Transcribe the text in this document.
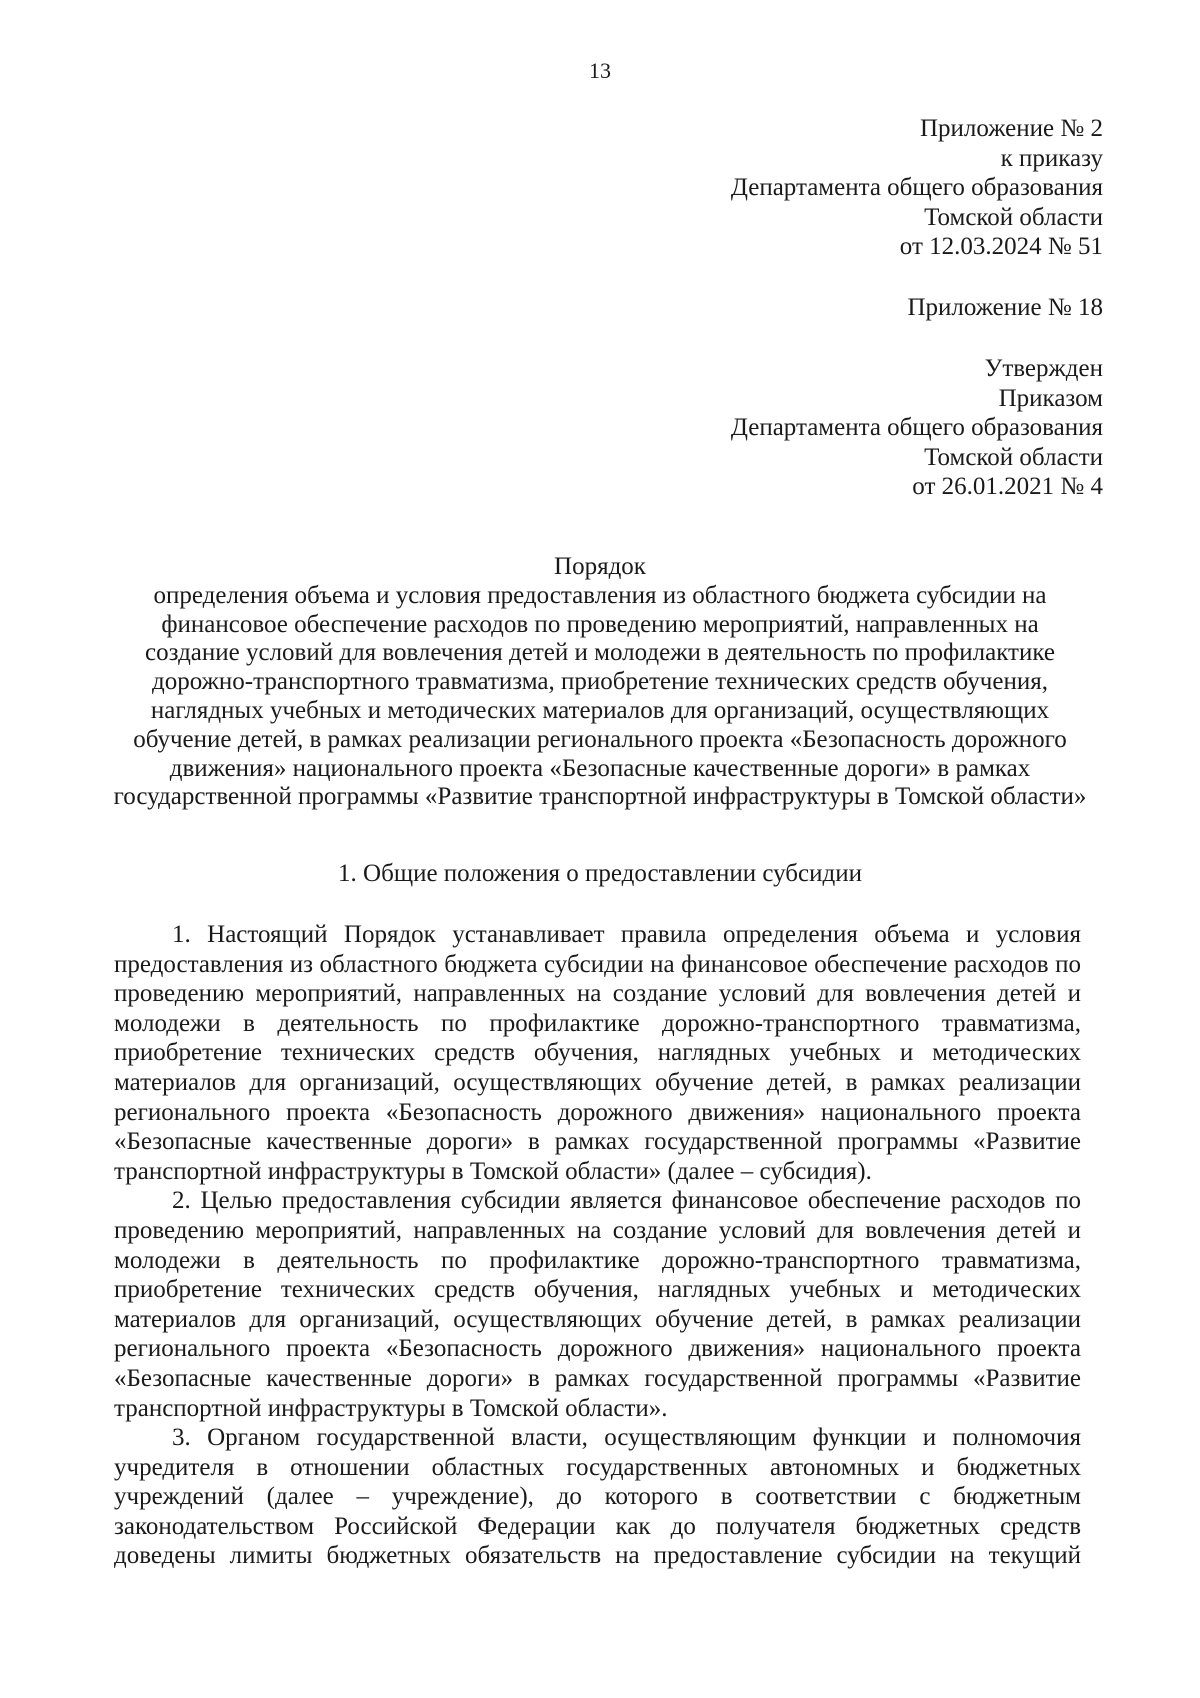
13
Приложение № 2
к приказу
Департамента общего образования
Томской области
от 12.03.2024 № 51
Приложение № 18
Утвержден
Приказом
Департамента общего образования
Томской области
от 26.01.2021 № 4
Порядок
определения объема и условия предоставления из областного бюджета субсидии на
финансовое обеспечение расходов по проведению мероприятий, направленных на
создание условий для вовлечения детей и молодежи в деятельность по профилактике
дорожно-транспортного травматизма, приобретение технических средств обучения,
наглядных учебных и методических материалов для организаций, осуществляющих
обучение детей, в рамках реализации регионального проекта «Безопасность дорожного
движения» национального проекта «Безопасные качественные дороги» в рамках
государственной программы «Развитие транспортной инфраструктуры в Томской области»
1. Общие положения о предоставлении субсидии
1. Настоящий Порядок устанавливает правила определения объема и условия
предоставления из областного бюджета субсидии на финансовое обеспечение расходов по
проведению мероприятий, направленных на создание условий для вовлечения детей и
молодежи в деятельность по профилактике дорожно-транспортного травматизма,
приобретение технических средств обучения, наглядных учебных и методических
материалов для организаций, осуществляющих обучение детей, в рамках реализации
регионального проекта «Безопасность дорожного движения» национального проекта
«Безопасные качественные дороги» в рамках государственной программы «Развитие
транспортной инфраструктуры в Томской области» (далее – субсидия).
2. Целью предоставления субсидии является финансовое обеспечение расходов по
проведению мероприятий, направленных на создание условий для вовлечения детей и
молодежи в деятельность по профилактике дорожно-транспортного травматизма,
приобретение технических средств обучения, наглядных учебных и методических
материалов для организаций, осуществляющих обучение детей, в рамках реализации
регионального проекта «Безопасность дорожного движения» национального проекта
«Безопасные качественные дороги» в рамках государственной программы «Развитие
транспортной инфраструктуры в Томской области».
3. Органом государственной власти, осуществляющим функции и полномочия
учредителя в отношении областных государственных автономных и бюджетных
учреждений (далее – учреждение), до которого в соответствии с бюджетным
законодательством Российской Федерации как до получателя бюджетных средств
доведены лимиты бюджетных обязательств на предоставление субсидии на текущий
